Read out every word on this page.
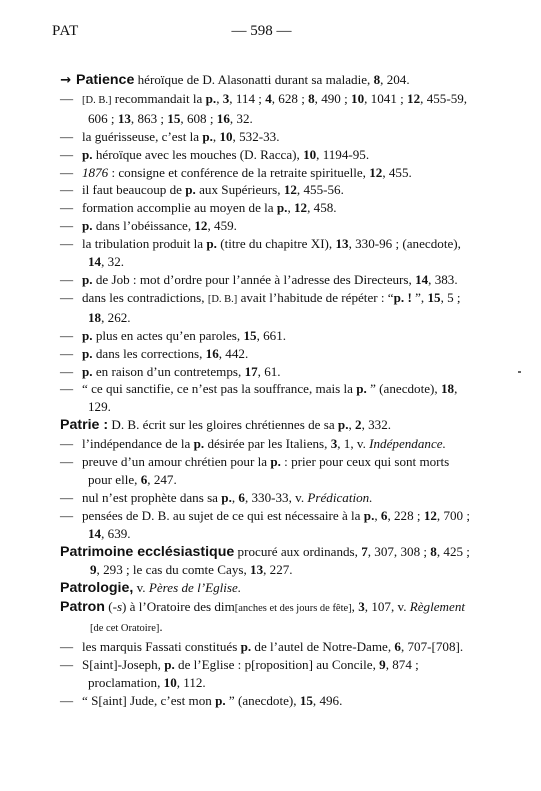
PAT	— 598 —

→ Patience héroïque de D. Alasonatti durant sa maladie, 8, 204.

— [D. B.] recommandait la p., 3, 114 ; 4, 628 ; 8, 490 ; 10, 1041 ; 12, 455-59, 606 ; 13, 863 ; 15, 608 ; 16, 32.

— la guérisseuse, c’est la p., 10, 532-33.

— p. héroïque avec les mouches (D. Racca), 10, 1194-95.

— 1876 : consigne et conférence de la retraite spirituelle, 12, 455.

— il faut beaucoup de p. aux Supérieurs, 12, 455-56.

— formation accomplie au moyen de la p., 12, 458.

— p. dans l’obéissance, 12, 459.

— la tribulation produit la p. (titre du chapitre XI), 13, 330-96 ; (anecdote), 14, 32.

— p. de Job : mot d’ordre pour l’année à l’adresse des Directeurs, 14, 383.

— dans les contradictions, [D. B.] avait l’habitude de répéter : “p. ! ”, 15, 5 ; 18, 262.

— p. plus en actes qu’en paroles, 15, 661.

— p. dans les corrections, 16, 442.

— p. en raison d’un contretemps, 17, 61.

— “ ce qui sanctifie, ce n’est pas la souffrance, mais la p. ” (anecdote), 18, 129.

Patrie : D. B. écrit sur les gloires chrétiennes de sa p., 2, 332.

— l’indépendance de la p. désirée par les Italiens, 3, 1, v. Indépendance.

— preuve d’un amour chrétien pour la p. : prier pour ceux qui sont morts pour elle, 6, 247.

— nul n’est prophète dans sa p., 6, 330-33, v. Prédication.

— pensées de D. B. au sujet de ce qui est nécessaire à la p., 6, 228 ; 12, 700 ; 14, 639.

Patrimoine ecclésiastique procuré aux ordinands, 7, 307, 308 ; 8, 425 ; 9, 293 ; le cas du comte Cays, 13, 227.

Patrologie, v. Pères de l’Eglise.

Patron (-s) à l’Oratoire des dim[anches et des jours de fête], 3, 107, v. Règlement [de cet Oratoire].

— les marquis Fassati constitués p. de l’autel de Notre-Dame, 6, 707-[708].

— S[aint]-Joseph, p. de l’Eglise : p[roposition] au Concile, 9, 874 ; proclamation, 10, 112.

— “ S[aint] Jude, c’est mon p. ” (anecdote), 15, 496.
